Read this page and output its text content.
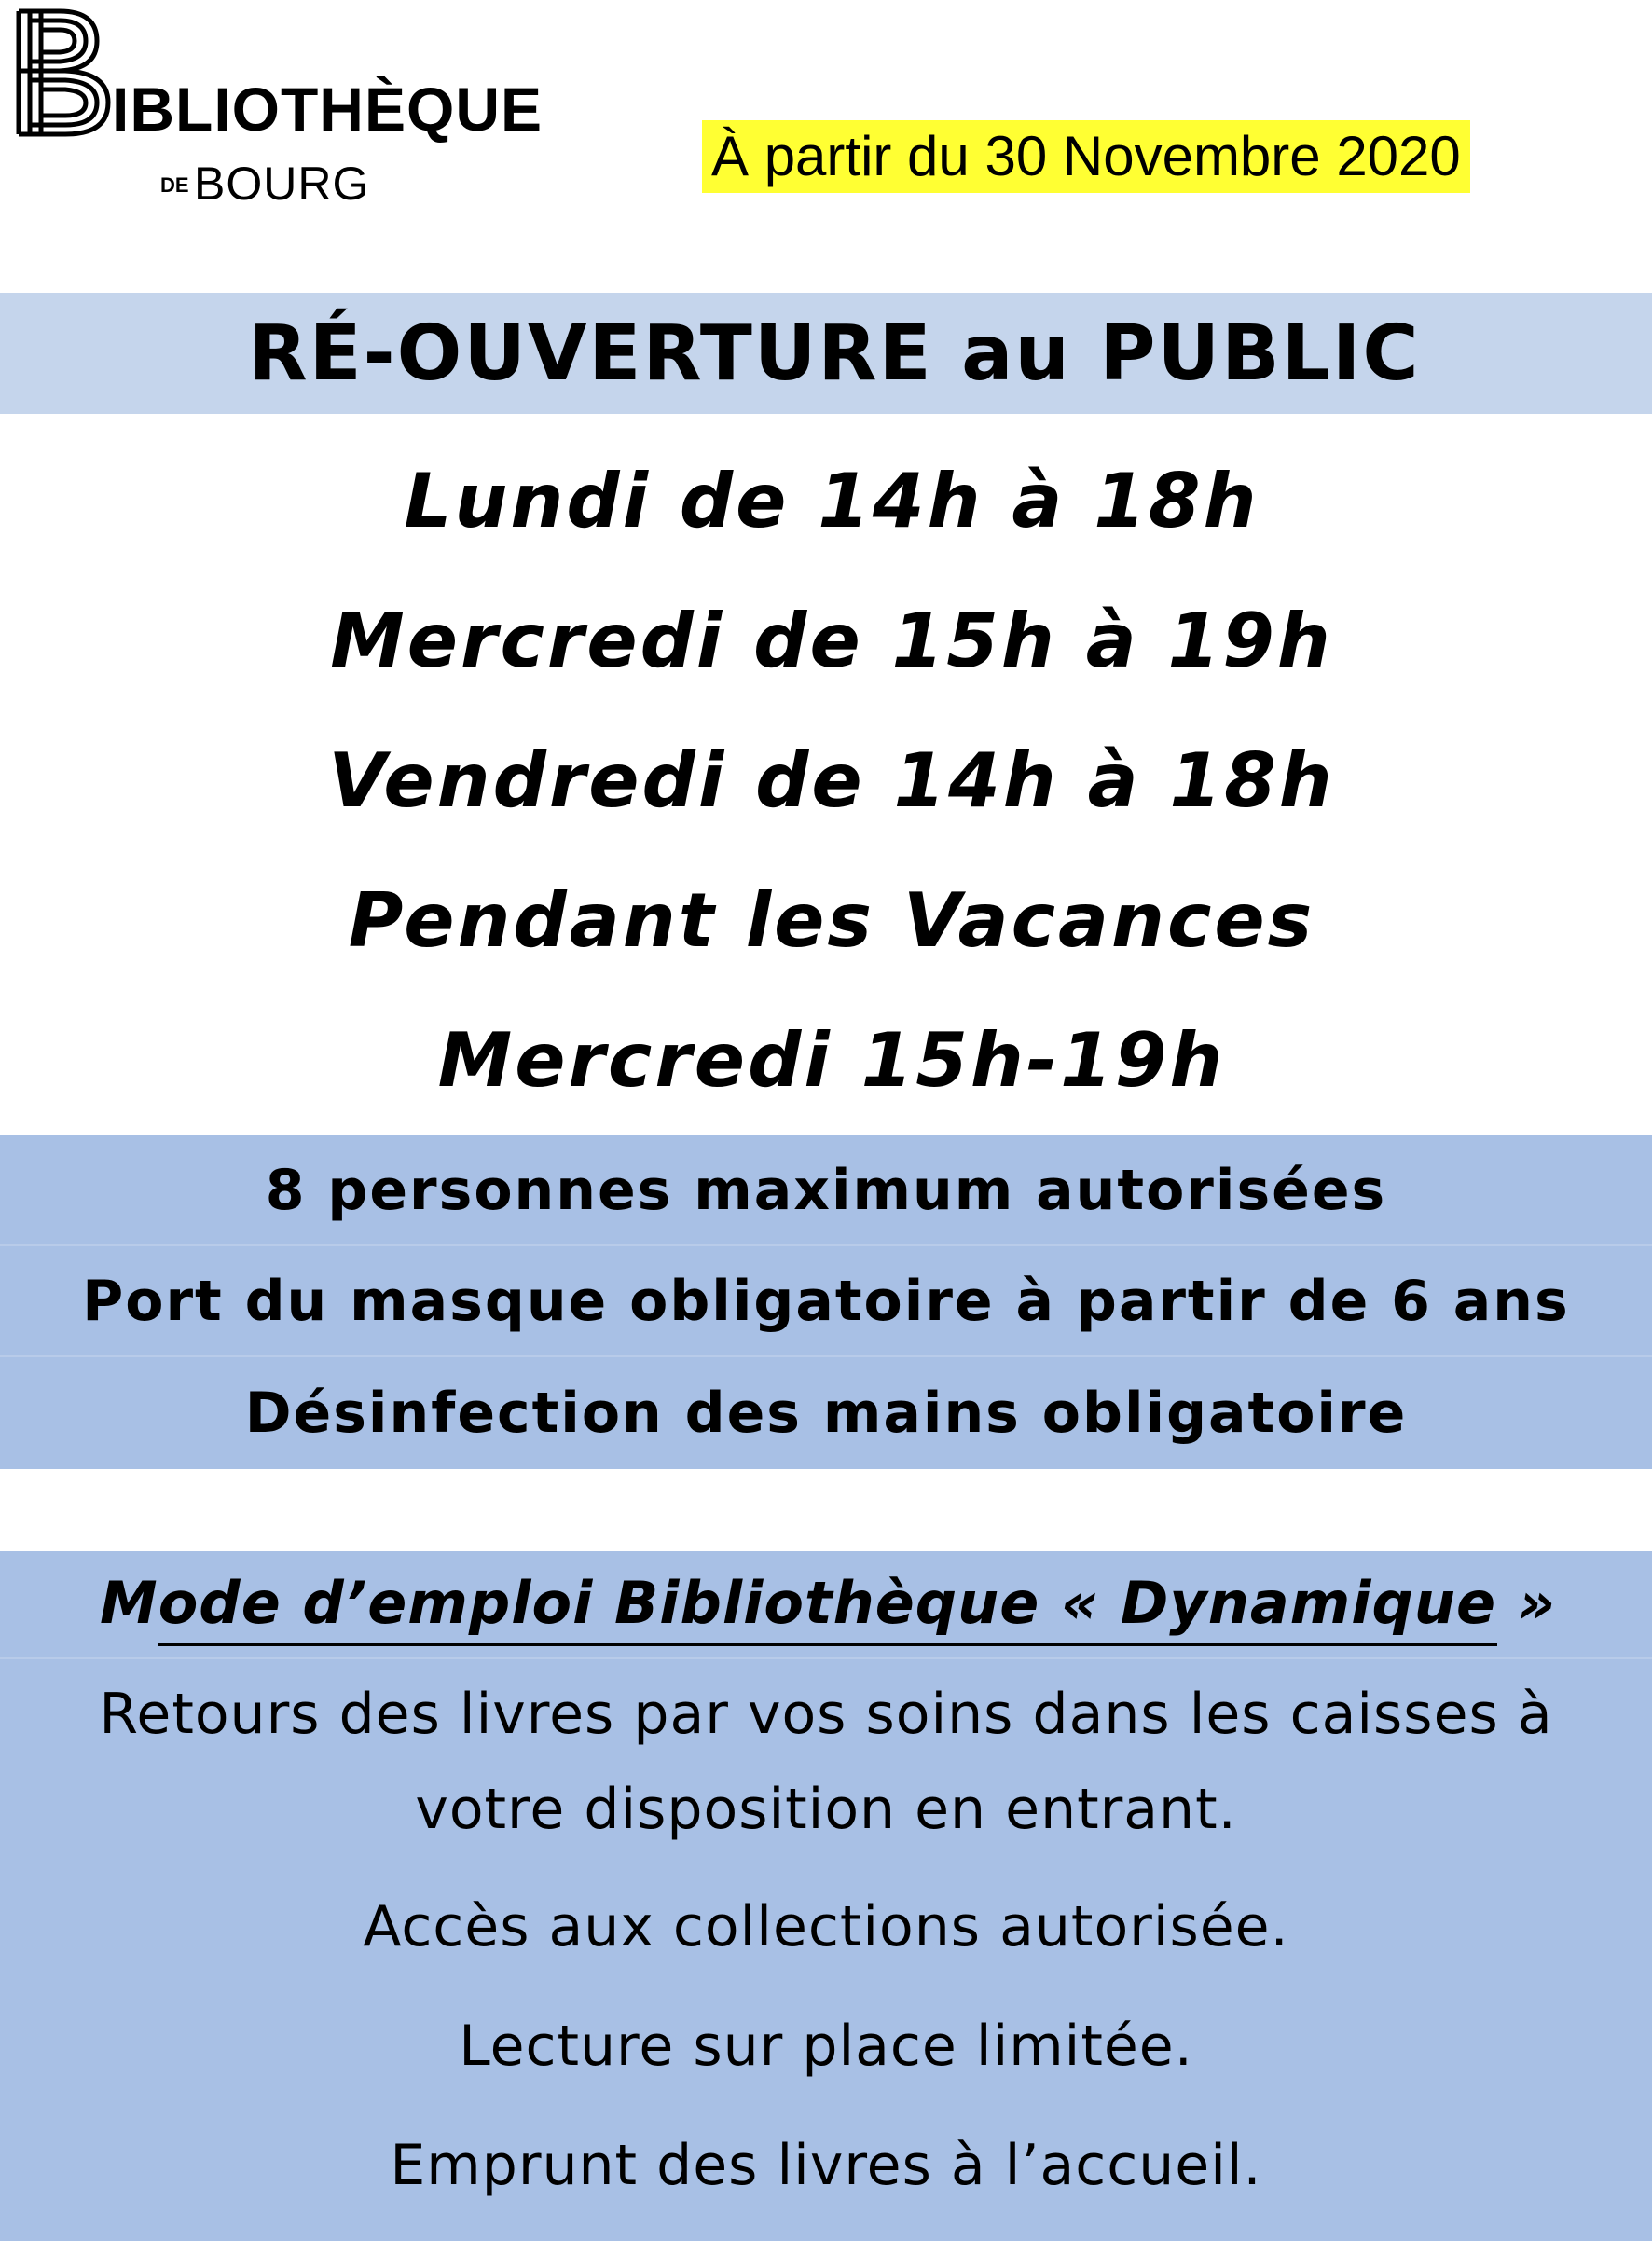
IBLIOTHÈQUE
DE BOURG	À partir du 30 Novembre 2020
RÉ-OUVERTURE au PUBLIC
Lundi de 14h à 18h
Mercredi de 15h à 19h
Vendredi de 14h à 18h
Pendant les Vacances
Mercredi 15h-19h
8 personnes maximum autorisées
Port du masque obligatoire à partir de 6 ans
Désinfection des mains obligatoire
Mode d’emploi Bibliothèque « Dynamique »
Retours des livres par vos soins dans les caisses à
votre disposition en entrant.
Accès aux collections autorisée.
Lecture sur place limitée.
Emprunt des livres à l’accueil.
